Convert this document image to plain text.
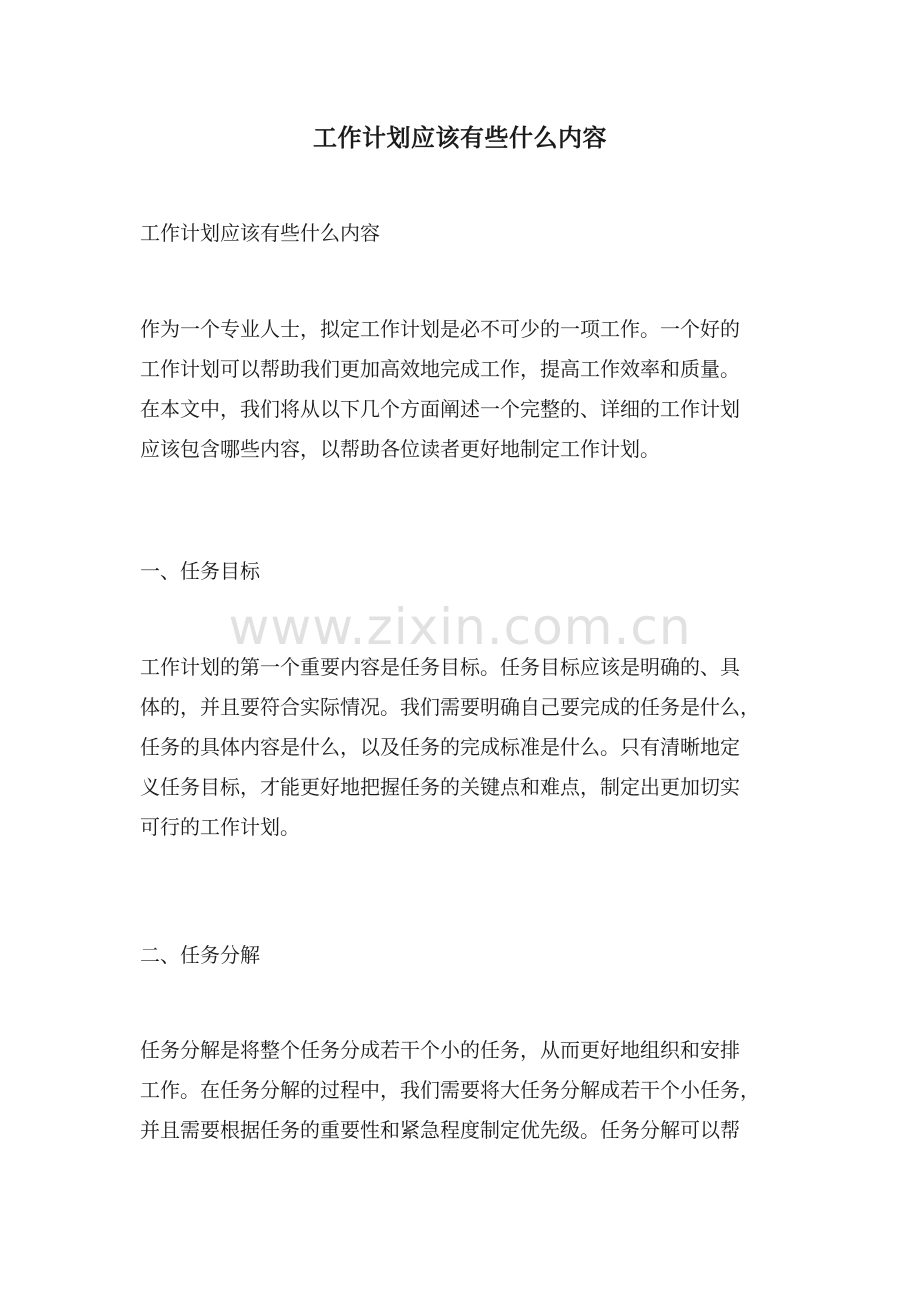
工作计划应该有些什么内容
工作计划应该有些什么内容
作为一个专业人士，拟定工作计划是必不可少的一项工作。一个好的
工作计划可以帮助我们更加高效地完成工作，提高工作效率和质量。
在本文中，我们将从以下几个方面阐述一个完整的、详细的工作计划
应该包含哪些内容，以帮助各位读者更好地制定工作计划。
一、任务目标
工作计划的第一个重要内容是任务目标。任务目标应该是明确的、具
体的，并且要符合实际情况。我们需要明确自己要完成的任务是什么，
任务的具体内容是什么，以及任务的完成标准是什么。只有清晰地定
义任务目标，才能更好地把握任务的关键点和难点，制定出更加切实
可行的工作计划。
二、任务分解
任务分解是将整个任务分成若干个小的任务，从而更好地组织和安排
工作。在任务分解的过程中，我们需要将大任务分解成若干个小任务，
并且需要根据任务的重要性和紧急程度制定优先级。任务分解可以帮
www.zixin.com.cn
